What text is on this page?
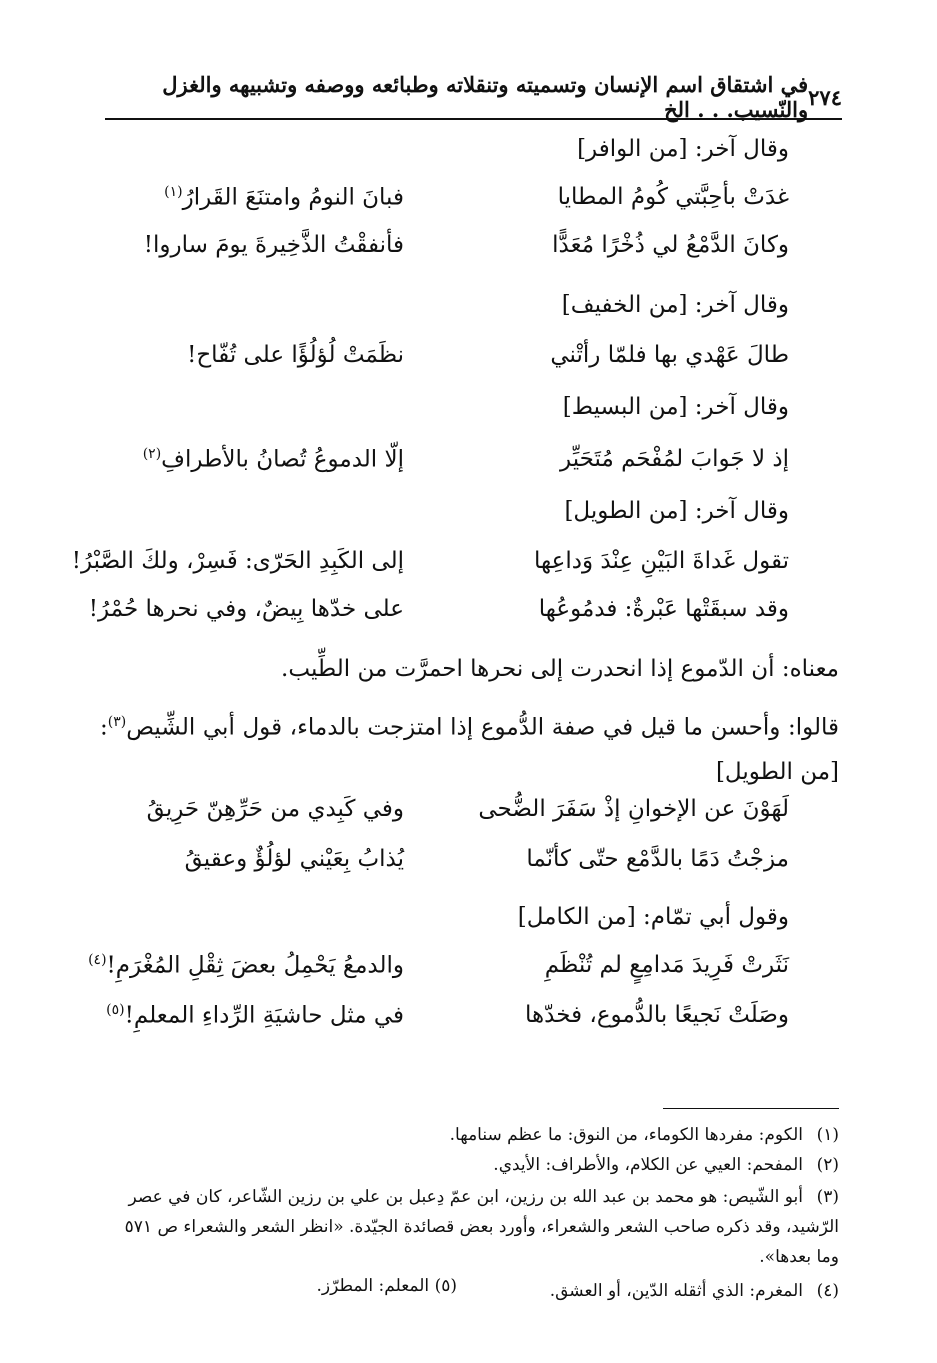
٢٧٤
في اشتقاق اسم الإنسان وتسميته وتنقلاته وطبائعه ووصفه وتشبيهه والغزل والنّسيب. . . الخ
وقال آخر: [من الوافر]
غدَتْ بأحِبَّتي كُومُ المطايا
فبانَ النومُ وامتنَعَ القَرارُ$^{(١)}$
وكانَ الدَّمْعُ لي ذُخْرًا مُعَدًّا
فأنفقْتُ الذَّخِيرةَ يومَ ساروا!
وقال آخر: [من الخفيف]
طالَ عَهْدي بها فلمّا رأتْني
نظَمَتْ لُؤلُؤًا على تُفّاح!
وقال آخر: [من البسيط]
إذ لا جَوابَ لمُفْحَم مُتَحَيِّر
إلّا الدموعُ تُصانُ بالأطرافِ$^{(٢)}$
وقال آخر: [من الطويل]
تقول غَداةَ البَيْنِ عِنْدَ وَداعِها
إلى الكَبِدِ الحَرّى: فَسِرْ، ولكَ الصَّبْرُ!
وقد سبقَتْها عَبْرةٌ: فدمُوعُها
على خدّها بِيضٌ، وفي نحرها حُمْرُ!
معناه: أن الدّموع إذا انحدرت إلى نحرها احمرَّت من الطِّيب.
قالوا: وأحسن ما قيل في صفة الدُّموع إذا امتزجت بالدماء، قول أبي الشِّيص$^{(٣)}$: [من الطويل]
لَهَوْنَ عن الإخوانِ إذْ سَفَرَ الضُّحى
وفي كَبِدي من حَرِّهِنّ حَرِيقُ
مزجْتُ دَمًا بالدَّمْع حتّى كأنّما
يُذابُ بِعَيْني لؤلُؤٌ وعقيقُ
وقول أبي تمّام: [من الكامل]
نَثَرتْ فَرِيدَ مَدامِعٍ لم تُنْظَمِ
والدمعُ يَحْمِلُ بعضَ ثِقْلِ المُغْرَمِ!$^{(٤)}$
وصَلَتْ نَجيعًا بالدُّموع، فخدّها
في مثل حاشيَةِ الرِّداءِ المعلمِ!$^{(٥)}$
(١)الكوم: مفردها الكوماء، من النوق: ما عظم سنامها.
(٢)المفحم: العيي عن الكلام، والأطراف: الأيدي.
(٣)أبو الشّيص: هو محمد بن عبد الله بن رزين، ابن عمّ دِعبل بن علي بن رزين الشّاعر، كان في عصر الرّشيد، وقد ذكره صاحب الشعر والشعراء، وأورد بعض قصائدة الجيّدة. «انظر الشعر والشعراء ص ٥٧١ وما بعدها».
(٤)المغرم: الذي أثقله الدّين، أو العشق.
(٥) المعلم: المطرّز.
